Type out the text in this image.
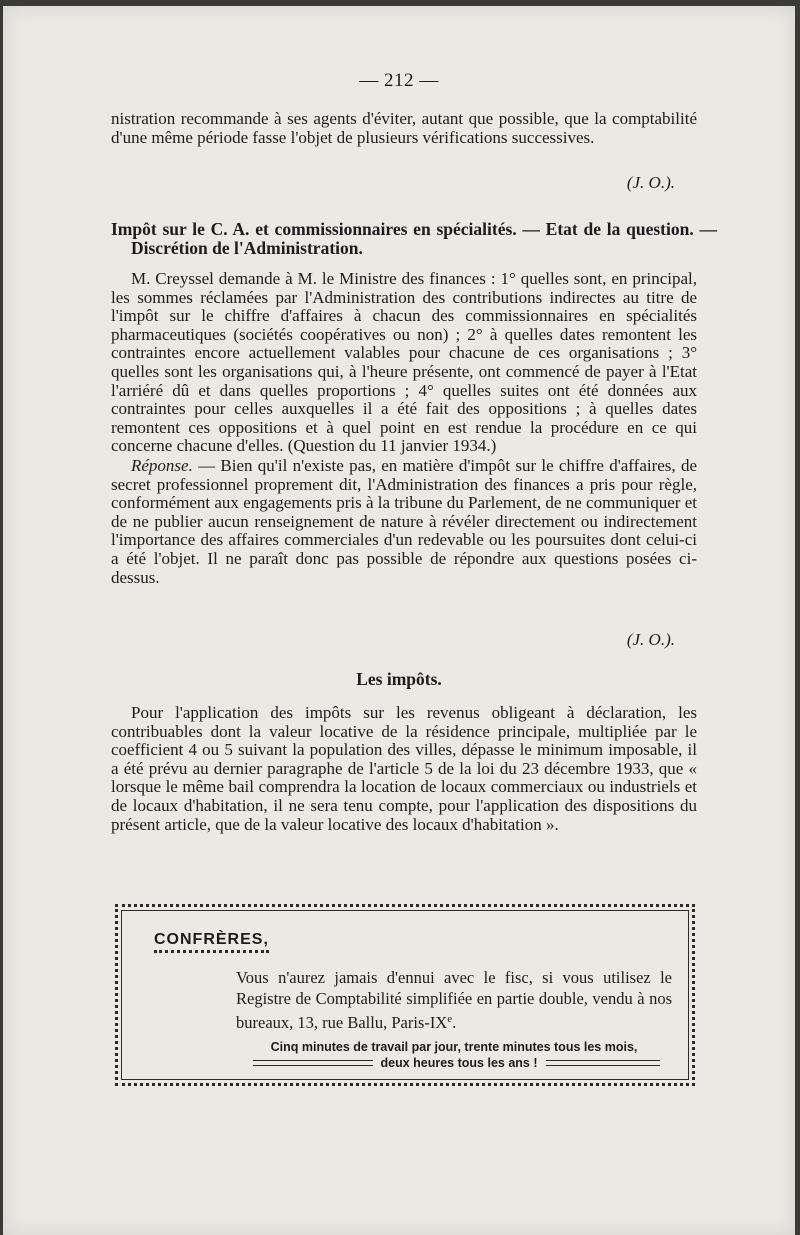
— 212 —

nistration recommande à ses agents d'éviter, autant que possible, que la comptabilité d'une même période fasse l'objet de plusieurs vérifications successives.

(J. O.).
Impôt sur le C. A. et commissionnaires en spécialités. — Etat de la question. — Discrétion de l'Administration.

M. Creyssel demande à M. le Ministre des finances : 1° quelles sont, en principal, les sommes réclamées par l'Administration des contributions indirectes au titre de l'impôt sur le chiffre d'affaires à chacun des commissionnaires en spécialités pharmaceutiques (sociétés coopératives ou non) ; 2° à quelles dates remontent les contraintes encore actuellement valables pour chacune de ces organisations ; 3° quelles sont les organisations qui, à l'heure présente, ont commencé de payer à l'Etat l'arriéré dû et dans quelles proportions ; 4° quelles suites ont été données aux contraintes pour celles auxquelles il a été fait des oppositions ; à quelles dates remontent ces oppositions et à quel point en est rendue la procédure en ce qui concerne chacune d'elles. (Question du 11 janvier 1934.)

Réponse. — Bien qu'il n'existe pas, en matière d'impôt sur le chiffre d'affaires, de secret professionnel proprement dit, l'Administration des finances a pris pour règle, conformément aux engagements pris à la tribune du Parlement, de ne communiquer et de ne publier aucun renseignement de nature à révéler directement ou indirectement l'importance des affaires commerciales d'un redevable ou les poursuites dont celui-ci a été l'objet. Il ne paraît donc pas possible de répondre aux questions posées ci-dessus.

(J. O.).
Les impôts.

Pour l'application des impôts sur les revenus obligeant à déclaration, les contribuables dont la valeur locative de la résidence principale, multipliée par le coefficient 4 ou 5 suivant la population des villes, dépasse le minimum imposable, il a été prévu au dernier paragraphe de l'article 5 de la loi du 23 décembre 1933, que « lorsque le même bail comprendra la location de locaux commerciaux ou industriels et de locaux d'habitation, il ne sera tenu compte, pour l'application des dispositions du présent article, que de la valeur locative des locaux d'habitation ».

CONFRÈRES,
Vous n'aurez jamais d'ennui avec le fisc, si vous utilisez le Registre de Comptabilité simplifiée en partie double, vendu à nos bureaux, 13, rue Ballu, Paris-IXe.
Cinq minutes de travail par jour, trente minutes tous les mois,
deux heures tous les ans !
